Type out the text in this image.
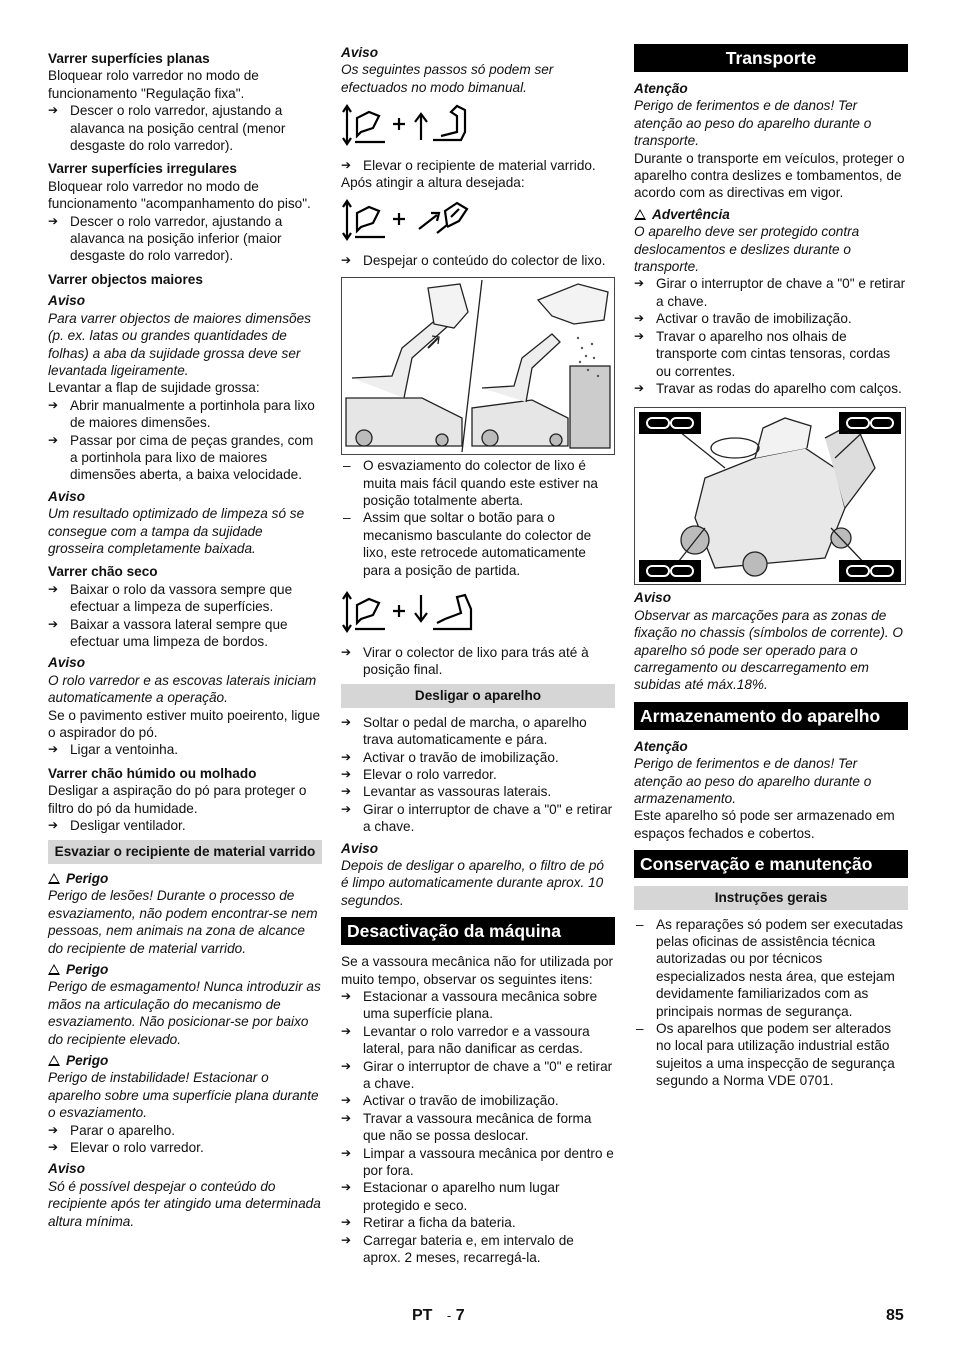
Varrer superfícies planas

Bloquear rolo varredor no modo de funcionamento "Regulação fixa".

➔ Descer o rolo varredor, ajustando a alavanca na posição central (menor desgaste do rolo varredor).

Varrer superfícies irregulares

Bloquear rolo varredor no modo de funcionamento "acompanhamento do piso".

➔ Descer o rolo varredor, ajustando a alavanca na posição inferior (maior desgaste do rolo varredor).

Varrer objectos maiores

Aviso

Para varrer objectos de maiores dimensões (p. ex. latas ou grandes quantidades de folhas) a aba da sujidade grossa deve ser levantada ligeiramente.

Levantar a flap de sujidade grossa:

➔ Abrir manualmente a portinhola para lixo de maiores dimensões.

➔ Passar por cima de peças grandes, com a portinhola para lixo de maiores dimensões aberta, a baixa velocidade.

Aviso

Um resultado optimizado de limpeza só se consegue com a tampa da sujidade grosseira completamente baixada.

Varrer chão seco

➔ Baixar o rolo da vassora sempre que efectuar a limpeza de superfícies.

➔ Baixar a vassora lateral sempre que efectuar uma limpeza de bordos.

Aviso

O rolo varredor e as escovas laterais iniciam automaticamente a operação.

Se o pavimento estiver muito poeirento, ligue o aspirador do pó.

➔ Ligar a ventoinha.

Varrer chão húmido ou molhado

Desligar a aspiração do pó para proteger o filtro do pó da humidade.

➔ Desligar ventilador.

Esvaziar o recipiente de material varrido

Perigo

Perigo de lesões! Durante o processo de esvaziamento, não podem encontrar-se nem pessoas, nem animais na zona de alcance do recipiente de material varrido.

Perigo

Perigo de esmagamento! Nunca introduzir as mãos na articulação do mecanismo de esvaziamento. Não posicionar-se por baixo do recipiente elevado.

Perigo

Perigo de instabilidade! Estacionar o aparelho sobre uma superfície plana durante o esvaziamento.

➔ Parar o aparelho.

➔ Elevar o rolo varredor.

Aviso

Só é possível despejar o conteúdo do recipiente após ter atingido uma determinada altura mínima.

Aviso

Os seguintes passos só podem ser efectuados no modo bimanual.

➔ Elevar o recipiente de material varrido.

Após atingir a altura desejada:

➔ Despejar o conteúdo do colector de lixo.

– O esvaziamento do colector de lixo é muita mais fácil quando este estiver na posição totalmente aberta.

– Assim que soltar o botão para o mecanismo basculante do colector de lixo, este retrocede automaticamente para a posição de partida.

➔ Virar o colector de lixo para trás até à posição final.

Desligar o aparelho

➔ Soltar o pedal de marcha, o aparelho trava automaticamente e pára.

➔ Activar o travão de imobilização.

➔ Elevar o rolo varredor.

➔ Levantar as vassouras laterais.

➔ Girar o interruptor de chave a "0" e retirar a chave.

Aviso

Depois de desligar o aparelho, o filtro de pó é limpo automaticamente durante aprox. 10 segundos.

Desactivação da máquina

Se a vassoura mecânica não for utilizada por muito tempo, observar os seguintes itens:

➔ Estacionar a vassoura mecânica sobre uma superfície plana.

➔ Levantar o rolo varredor e a vassoura lateral, para não danificar as cerdas.

➔ Girar o interruptor de chave a "0" e retirar a chave.

➔ Activar o travão de imobilização.

➔ Travar a vassoura mecânica de forma que não se possa deslocar.

➔ Limpar a vassoura mecânica por dentro e por fora.

➔ Estacionar o aparelho num lugar protegido e seco.

➔ Retirar a ficha da bateria.

➔ Carregar bateria e, em intervalo de aprox. 2 meses, recarregá-la.

Transporte

Atenção

Perigo de ferimentos e de danos! Ter atenção ao peso do aparelho durante o transporte.

Durante o transporte em veículos, proteger o aparelho contra deslizes e tombamentos, de acordo com as directivas em vigor.

Advertência

O aparelho deve ser protegido contra deslocamentos e deslizes durante o transporte.

➔ Girar o interruptor de chave a "0" e retirar a chave.

➔ Activar o travão de imobilização.

➔ Travar o aparelho nos olhais de transporte com cintas tensoras, cordas ou correntes.

➔ Travar as rodas do aparelho com calços.

Aviso

Observar as marcações para as zonas de fixação no chassis (símbolos de corrente). O aparelho só pode ser operado para o carregamento ou descarregamento em subidas até máx.18%.

Armazenamento do aparelho

Atenção

Perigo de ferimentos e de danos! Ter atenção ao peso do aparelho durante o armazenamento.

Este aparelho só pode ser armazenado em espaços fechados e cobertos.

Conservação e manutenção

Instruções gerais

– As reparações só podem ser executadas pelas oficinas de assistência técnica autorizadas ou por técnicos especializados nesta área, que estejam devidamente familiarizados com as principais normas de segurança.

– Os aparelhos que podem ser alterados no local para utilização industrial estão sujeitos a uma inspecção de segurança segundo a Norma VDE 0701.

PT - 7	85
